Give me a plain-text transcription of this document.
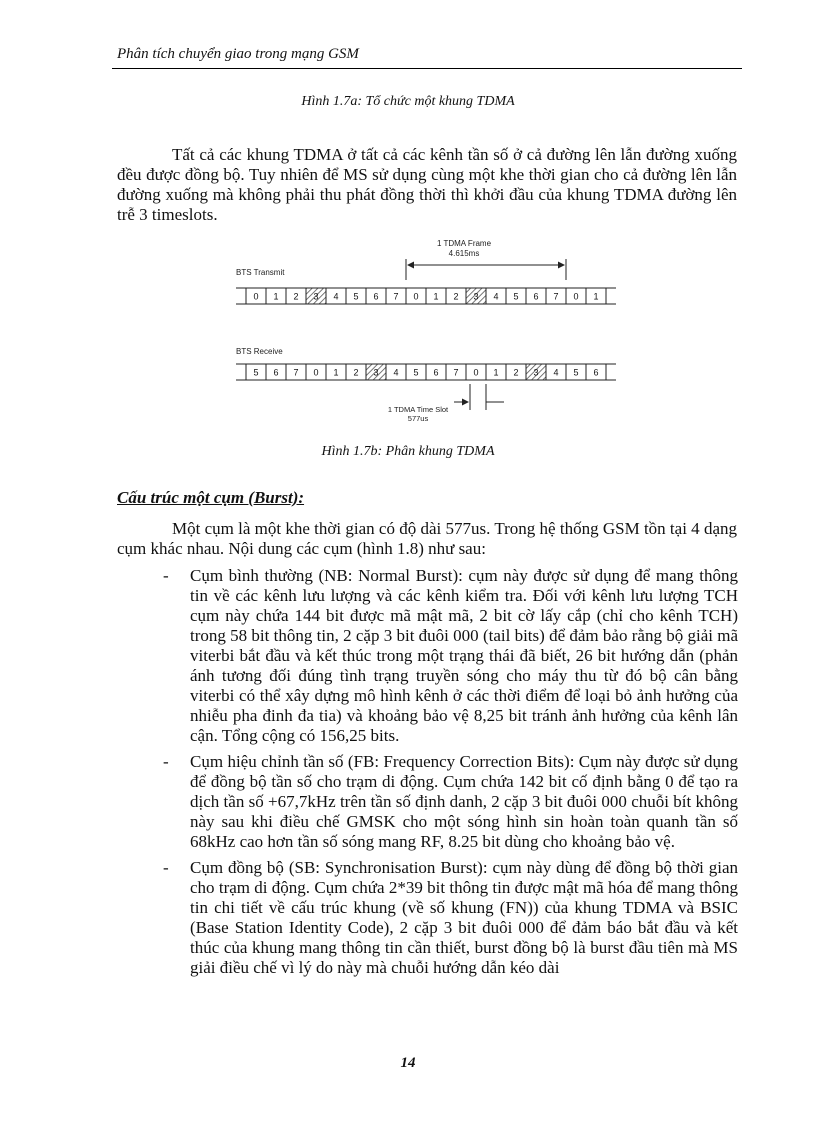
Phân tích chuyển giao trong mạng GSM
Hình 1.7a: Tổ chức một khung TDMA
Tất cả các khung TDMA ở tất cả các kênh tần số ở cả đường lên lẫn đường xuống đều được đồng bộ. Tuy nhiên để MS sử dụng cùng một khe thời gian cho cả đường lên lẫn đường xuống mà không phải thu phát đồng thời thì khởi đầu của khung TDMA đường lên trễ 3 timeslots.
1 TDMA Frame
4.615ms
BTS Transmit
0 1 2 3 4 5 6 7 0 1 2 3 4 5 6 7 0 1
BTS Receive
5 6 7 0 1 2 3 4 5 6 7 0 1 2 3 4 5 6
1 TDMA Time Slot
577us
Hình 1.7b: Phân khung TDMA
Cấu trúc một cụm (Burst):
Một cụm là một khe thời gian có độ dài 577us. Trong hệ thống GSM tồn tại 4 dạng cụm khác nhau. Nội dung các cụm (hình 1.8) như sau:
- Cụm bình thường (NB: Normal Burst): cụm này được sử dụng để mang thông tin về các kênh lưu lượng và các kênh kiểm tra. Đối với kênh lưu lượng TCH cụm này chứa 144 bit được mã mật mã, 2 bit cờ lấy cắp (chỉ cho kênh TCH) trong 58 bit thông tin, 2 cặp 3 bit đuôi 000 (tail bits) để đảm bảo rằng bộ giải mã viterbi bắt đầu và kết thúc trong một trạng thái đã biết, 26 bit hướng dẫn (phản ánh tương đối đúng tình trạng truyền sóng cho máy thu từ đó bộ cân bằng viterbi có thể xây dựng mô hình kênh ở các thời điểm để loại bỏ ảnh hưởng của nhiễu pha đinh đa tia) và khoảng bảo vệ 8,25 bit tránh ảnh hưởng của kênh lân cận. Tổng cộng có 156,25 bits.
- Cụm hiệu chỉnh tần số (FB: Frequency Correction Bits): Cụm này được sử dụng để đồng bộ tần số cho trạm di động. Cụm chứa 142 bit cố định bằng 0 để tạo ra dịch tần số +67,7kHz trên tần số định danh, 2 cặp 3 bit đuôi 000 chuỗi bít không này sau khi điều chế GMSK cho một sóng hình sin hoàn toàn quanh tần số 68kHz cao hơn tần số sóng mang RF, 8.25 bit dùng cho khoảng bảo vệ.
- Cụm đồng bộ (SB: Synchronisation Burst): cụm này dùng để đồng bộ thời gian cho trạm di động. Cụm chứa 2*39 bit thông tin được mật mã hóa để mang thông tin chi tiết về cấu trúc khung (về số khung (FN)) của khung TDMA và BSIC (Base Station Identity Code), 2 cặp 3 bit đuôi 000 để đảm báo bắt đầu và kết thúc của khung mang thông tin cần thiết, burst đồng bộ là burst đầu tiên mà MS giải điều chế vì lý do này mà chuỗi hướng dẫn kéo dài
14
